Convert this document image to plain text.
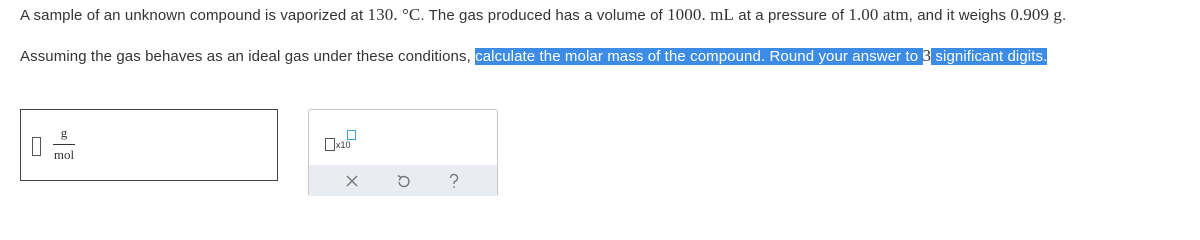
A sample of an unknown compound is vaporized at 130. °C. The gas produced has a volume of 1000. mL at a pressure of 1.00 atm, and it weighs 0.909 g.
Assuming the gas behaves as an ideal gas under these conditions, calculate the molar mass of the compound. Round your answer to 3 significant digits.
g
mol
x10
